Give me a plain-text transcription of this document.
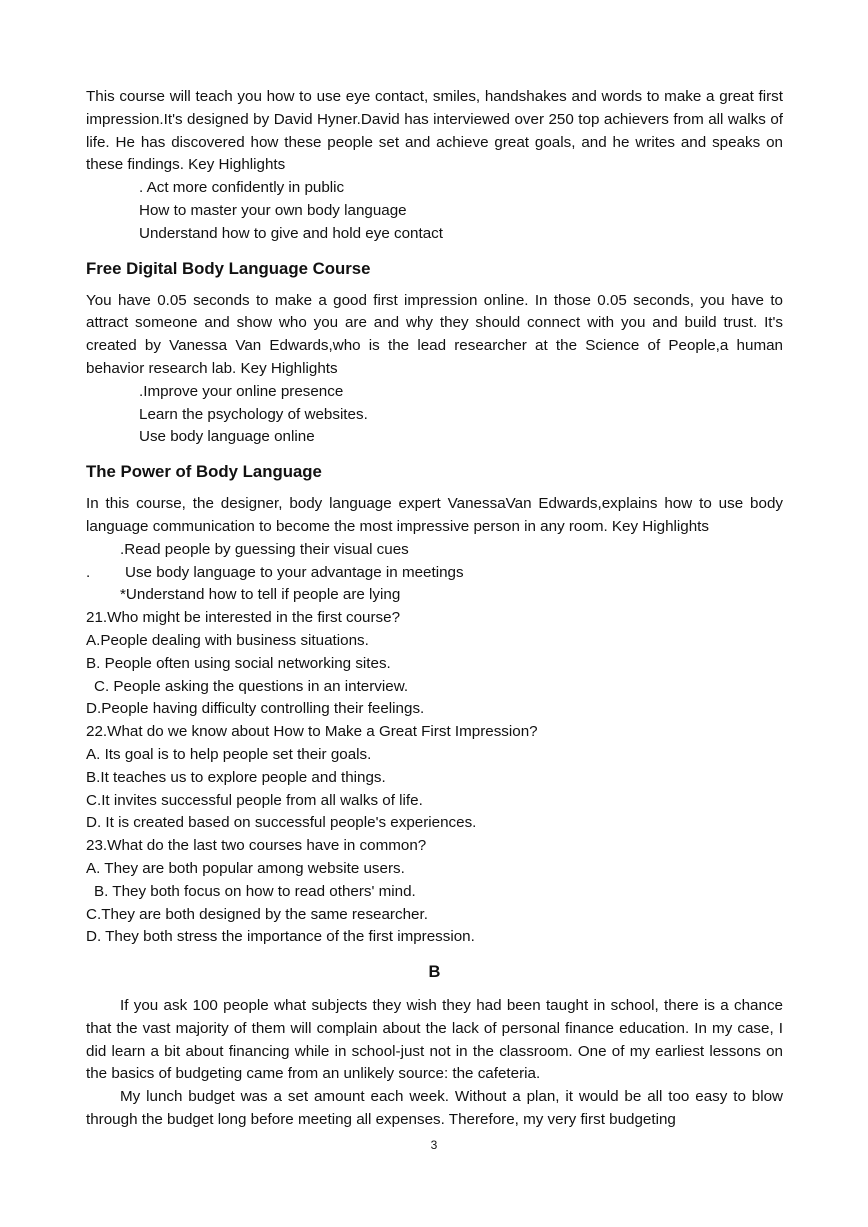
This course will teach you how to use eye contact, smiles, handshakes and words to make a great first impression.It's designed by David Hyner.David has interviewed over 250 top achievers from all walks of life. He has discovered how these people set and achieve great goals, and he writes and speaks on these findings. Key Highlights

. Act more confidently in public

How to master your own body language

Understand how to give and hold eye contact

Free Digital Body Language Course

You have 0.05 seconds to make a good first impression online. In those 0.05 seconds, you have to attract someone and show who you are and why they should connect with you and build trust. It's created by Vanessa Van Edwards,who is the lead researcher at the Science of People,a human behavior research lab. Key Highlights

.Improve your online presence

Learn the psychology of websites.

Use body language online

The Power of Body Language

In this course, the designer, body language expert VanessaVan Edwards,explains how to use body language communication to become the most impressive person in any room. Key Highlights

.Read people by guessing their visual cues

.	Use body language to your advantage in meetings

*Understand how to tell if people are lying

21.Who might be interested in the first course?

A.People dealing with business situations.

B. People often using social networking sites.

C. People asking the questions in an interview.

D.People having difficulty controlling their feelings.

22.What do we know about How to Make a Great First Impression?

A. Its goal is to help people set their goals.

B.It teaches us to explore people and things.

C.It invites successful people from all walks of life.

D. It is created based on successful people's experiences.

23.What do the last two courses have in common?

A. They are both popular among website users.

B. They both focus on how to read others' mind.

C.They are both designed by the same researcher.

D. They both stress the importance of the first impression.

B

If you ask 100 people what subjects they wish they had been taught in school, there is a chance that the vast majority of them will complain about the lack of personal finance education. In my case, I did learn a bit about financing while in school-just not in the classroom. One of my earliest lessons on the basics of budgeting came from an unlikely source: the cafeteria.

My lunch budget was a set amount each week. Without a plan, it would be all too easy to blow through the budget long before meeting all expenses. Therefore, my very first budgeting

3
